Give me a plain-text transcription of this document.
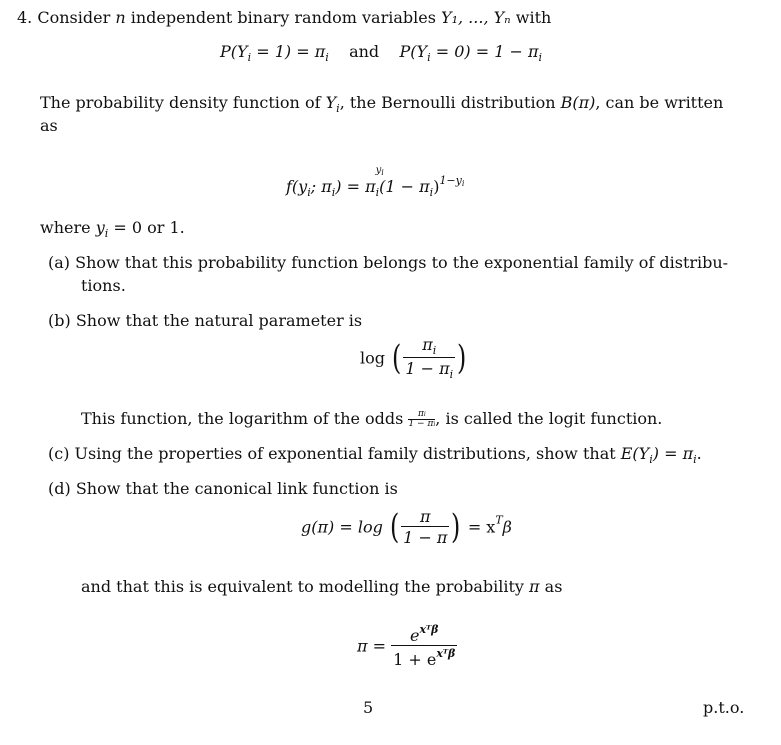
4. Consider n independent binary random variables Y₁, ..., Yₙ with
$P(Y_i = 1) = \pi_i$ and $P(Y_i = 0) = 1 - \pi_i$
The probability density function of $Y_i$, the Bernoulli distribution B(π), can be written
as
$f(y_i$; $\pi_i) = \pi_i$
$y_i$
$(1 - \pi_i)^{1-yi}$
where $y_i = 0$ or 1.
(a) Show that this probability function belongs to the exponential family of distribu-
tions.
(b) Show that the natural parameter is
log ( $\frac{\pi_i}{1 - \pi_i}$ )
This function, the logarithm of the odds $\frac{\pi i}{1 - \pi i}$ , is called the logit function.
(c) Using the properties of exponential family distributions, show that $E(Y_i) = \pi_i$.
(d) Show that the canonical link function is
g(π) = log ( $\frac{\pi}{1 - \pi}$ ) = $x^T\beta$
and that this is equivalent to modelling the probability π as
$\pi = \frac{e^{xᵀ\beta}}{1 + e^{xᵀ\beta}}$
5	p.t.o.
